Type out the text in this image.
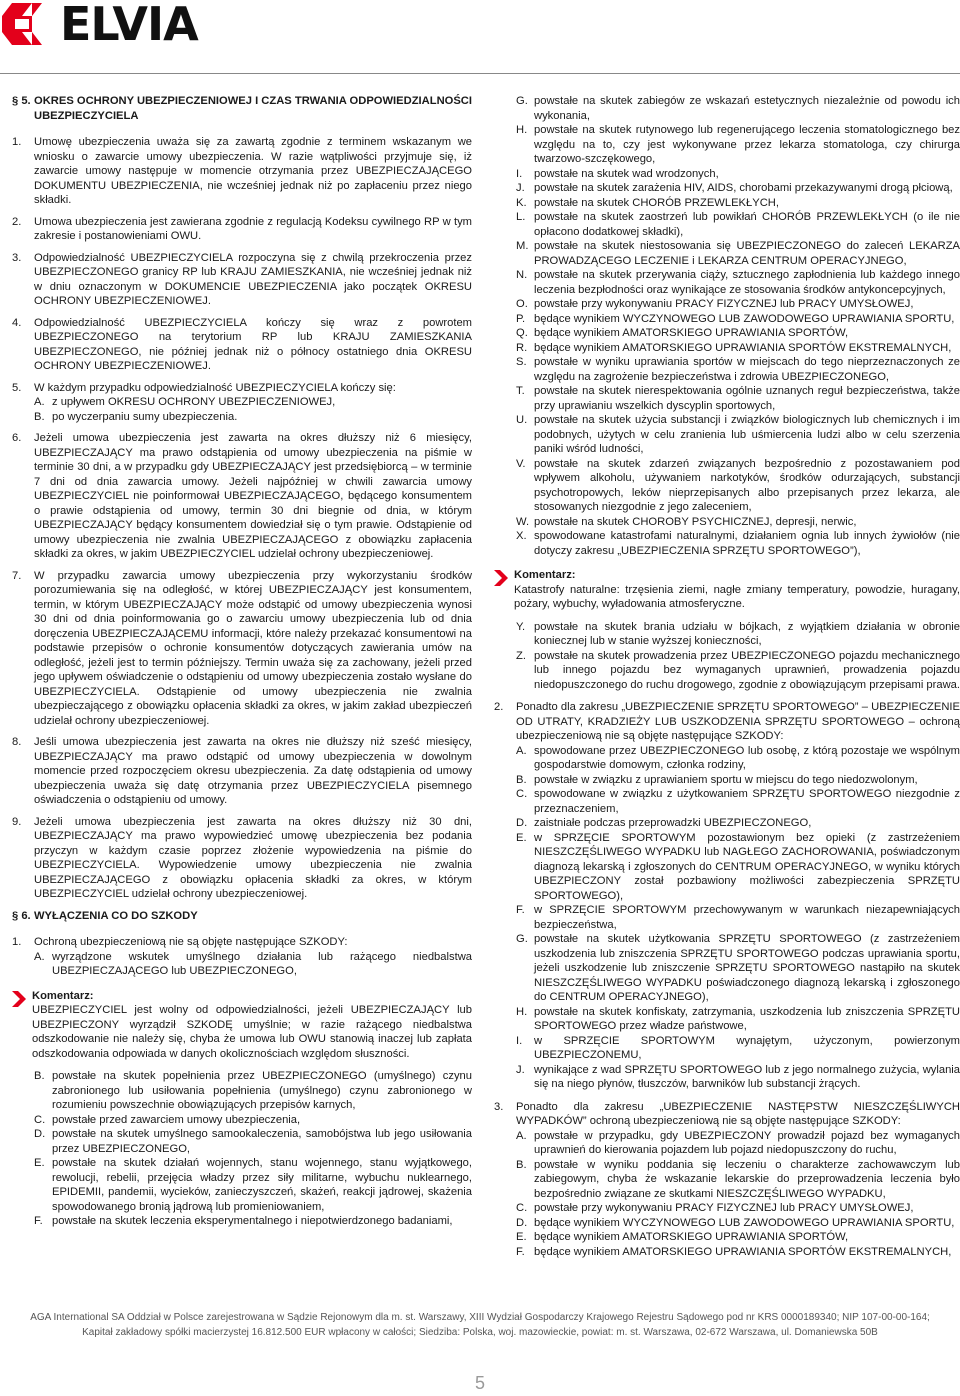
ELVIA
§ 5. OKRES OCHRONY UBEZPIECZENIOWEJ I CZAS TRWANIA ODPOWIEDZIALNOŚCI UBEZPIECZYCIELA
1.	Umowę ubezpieczenia uważa się za zawartą zgodnie z terminem wskazanym we wniosku o zawarcie umowy ubezpieczenia. W razie wątpliwości przyjmuje się, iż zawarcie umowy następuje w momencie otrzymania przez UBEZPIECZAJĄCEGO DOKUMENTU UBEZPIECZENIA, nie wcześniej jednak niż po zapłaceniu przez niego składki.
2.	Umowa ubezpieczenia jest zawierana zgodnie z regulacją Kodeksu cywilnego RP w tym zakresie i postanowieniami OWU.
3.	Odpowiedzialność UBEZPIECZYCIELA rozpoczyna się z chwilą przekroczenia przez UBEZPIECZONEGO granicy RP lub KRAJU ZAMIESZKANIA, nie wcześniej jednak niż w dniu oznaczonym w DOKUMENCIE UBEZPIECZENIA jako początek OKRESU OCHRONY UBEZPIECZENIOWEJ.
4.	Odpowiedzialność UBEZPIECZYCIELA kończy się wraz z powrotem UBEZPIECZONEGO na terytorium RP lub KRAJU ZAMIESZKANIA UBEZPIECZONEGO, nie później jednak niż o północy ostatniego dnia OKRESU OCHRONY UBEZPIECZENIOWEJ.
5.	W każdym przypadku odpowiedzialność UBEZPIECZYCIELA kończy się:
A. z upływem OKRESU OCHRONY UBEZPIECZENIOWEJ,
B. po wyczerpaniu sumy ubezpieczenia.
6.	Jeżeli umowa ubezpieczenia jest zawarta na okres dłuższy niż 6 miesięcy, UBEZPIECZAJĄCY ma prawo odstąpienia od umowy ubezpieczenia na piśmie w terminie 30 dni, a w przypadku gdy UBEZPIECZAJĄCY jest przedsiębiorcą – w terminie 7 dni od dnia zawarcia umowy. Jeżeli najpóźniej w chwili zawarcia umowy UBEZPIECZYCIEL nie poinformował UBEZPIECZAJĄCEGO, będącego konsumentem o prawie odstąpienia od umowy, termin 30 dni biegnie od dnia, w którym UBEZPIECZAJĄCY będący konsumentem dowiedział się o tym prawie. Odstąpienie od umowy ubezpieczenia nie zwalnia UBEZPIECZAJĄCEGO z obowiązku zapłacenia składki za okres, w jakim UBEZPIECZYCIEL udzielał ochrony ubezpieczeniowej.
7.	W przypadku zawarcia umowy ubezpieczenia przy wykorzystaniu środków porozumiewania się na odległość, w której UBEZPIECZAJĄCY jest konsumentem, termin, w którym UBEZPIECZAJĄCY może odstąpić od umowy ubezpieczenia wynosi 30 dni od dnia poinformowania go o zawarciu umowy ubezpieczenia lub od dnia doręczenia UBEZPIECZAJĄCEMU informacji, które należy przekazać konsumentowi na podstawie przepisów o ochronie konsumentów dotyczących zawierania umów na odległość, jeżeli jest to termin późniejszy. Termin uważa się za zachowany, jeżeli przed jego upływem oświadczenie o odstąpieniu od umowy ubezpieczenia zostało wysłane do UBEZPIECZYCIELA. Odstąpienie od umowy ubezpieczenia nie zwalnia ubezpieczającego z obowiązku opłacenia składki za okres, w jakim zakład ubezpieczeń udzielał ochrony ubezpieczeniowej.
8.	Jeśli umowa ubezpieczenia jest zawarta na okres nie dłuższy niż sześć miesięcy, UBEZPIECZAJĄCY ma prawo odstąpić od umowy ubezpieczenia w dowolnym momencie przed rozpoczęciem okresu ubezpieczenia. Za datę odstąpienia od umowy ubezpieczenia uważa się datę otrzymania przez UBEZPIECZYCIELA pisemnego oświadczenia o odstąpieniu od umowy.
9.	Jeżeli umowa ubezpieczenia jest zawarta na okres dłuższy niż 30 dni, UBEZPIECZAJĄCY ma prawo wypowiedzieć umowę ubezpieczenia bez podania przyczyn w każdym czasie poprzez złożenie wypowiedzenia na piśmie do UBEZPIECZYCIELA. Wypowiedzenie umowy ubezpieczenia nie zwalnia UBEZPIECZAJĄCEGO z obowiązku opłacenia składki za okres, w którym UBEZPIECZYCIEL udzielał ochrony ubezpieczeniowej.
§ 6. WYŁĄCZENIA CO DO SZKODY
1.	Ochroną ubezpieczeniową nie są objęte następujące SZKODY:
A. wyrządzone wskutek umyślnego działania lub rażącego niedbalstwa UBEZPIECZAJĄCEGO lub UBEZPIECZONEGO,
Komentarz:
UBEZPIECZYCIEL jest wolny od odpowiedzialności, jeżeli UBEZPIECZAJĄCY lub UBEZPIECZONY wyrządził SZKODĘ umyślnie; w razie rażącego niedbalstwa odszkodowanie nie należy się, chyba że umowa lub OWU stanowią inaczej lub zapłata odszkodowania odpowiada w danych okolicznościach względom słuszności.
B. powstałe na skutek popełnienia przez UBEZPIECZONEGO (umyślnego) czynu zabronionego lub usiłowania popełnienia (umyślnego) czynu zabronionego w rozumieniu powszechnie obowiązujących przepisów karnych,
C. powstałe przed zawarciem umowy ubezpieczenia,
D. powstałe na skutek umyślnego samookaleczenia, samobójstwa lub jego usiłowania przez UBEZPIECZONEGO,
E. powstałe na skutek działań wojennych, stanu wojennego, stanu wyjątkowego, rewolucji, rebelii, przejęcia władzy przez siły militarne, wybuchu nuklearnego, EPIDEMII, pandemii, wycieków, zanieczyszczeń, skażeń, reakcji jądrowej, skażenia spowodowanego bronią jądrową lub promieniowaniem,
F. powstałe na skutek leczenia eksperymentalnego i niepotwierdzonego badaniami,
G. powstałe na skutek zabiegów ze wskazań estetycznych niezależnie od powodu ich wykonania,
H. powstałe na skutek rutynowego lub regenerującego leczenia stomatologicznego bez względu na to, czy jest wykonywane przez lekarza stomatologa, czy chirurga twarzowo-szczękowego,
I.	powstałe na skutek wad wrodzonych,
J. powstałe na skutek zarażenia HIV, AIDS, chorobami przekazywanymi drogą płciową,
K. powstałe na skutek CHORÓB PRZEWLEKŁYCH,
L. powstałe na skutek zaostrzeń lub powikłań CHORÓB PRZEWLEKŁYCH (o ile nie opłacono dodatkowej składki),
M. powstałe na skutek niestosowania się UBEZPIECZONEGO do zaleceń LEKARZA PROWADZĄCEGO LECZENIE i LEKARZA CENTRUM OPERACYJNEGO,
N. powstałe na skutek przerywania ciąży, sztucznego zapłodnienia lub każdego innego leczenia bezpłodności oraz wynikające ze stosowania środków antykoncepcyjnych,
O. powstałe przy wykonywaniu PRACY FIZYCZNEJ lub PRACY UMYSŁOWEJ,
P. będące wynikiem WYCZYNOWEGO LUB ZAWODOWEGO UPRAWIANIA SPORTU,
Q. będące wynikiem AMATORSKIEGO UPRAWIANIA SPORTÓW,
R. będące wynikiem AMATORSKIEGO UPRAWIANIA SPORTÓW EKSTREMALNYCH,
S. powstałe w wyniku uprawiania sportów w miejscach do tego nieprzeznaczonych ze względu na zagrożenie bezpieczeństwa i zdrowia UBEZPIECZONEGO,
T. powstałe na skutek nierespektowania ogólnie uznanych reguł bezpieczeństwa, także przy uprawianiu wszelkich dyscyplin sportowych,
U. powstałe na skutek użycia substancji i związków biologicznych lub chemicznych i im podobnych, użytych w celu zranienia lub uśmiercenia ludzi albo w celu szerzenia paniki wśród ludności,
V. powstałe na skutek zdarzeń związanych bezpośrednio z pozostawaniem pod wpływem alkoholu, używaniem narkotyków, środków odurzających, substancji psychotropowych, leków nieprzepisanych albo przepisanych przez lekarza, ale stosowanych niezgodnie z jego zaleceniem,
W. powstałe na skutek CHOROBY PSYCHICZNEJ, depresji, nerwic,
X. spowodowane katastrofami naturalnymi, działaniem ognia lub innych żywiołów (nie dotyczy zakresu „UBEZPIECZENIA SPRZĘTU SPORTOWEGO”),
Komentarz:
Katastrofy naturalne: trzęsienia ziemi, nagłe zmiany temperatury, powodzie, huragany, pożary, wybuchy, wyładowania atmosferyczne.
Y. powstałe na skutek brania udziału w bójkach, z wyjątkiem działania w obronie koniecznej lub w stanie wyższej konieczności,
Z. powstałe na skutek prowadzenia przez UBEZPIECZONEGO pojazdu mechanicznego lub innego pojazdu bez wymaganych uprawnień, prowadzenia pojazdu niedopuszczonego do ruchu drogowego, zgodnie z obowiązującym przepisami prawa.
2.	Ponadto dla zakresu „UBEZPIECZENIE SPRZĘTU SPORTOWEGO” – UBEZPIECZENIE OD UTRATY, KRADZIEŻY LUB USZKODZENIA SPRZĘTU SPORTOWEGO – ochroną ubezpieczeniową nie są objęte następujące SZKODY:
A. spowodowane przez UBEZPIECZONEGO lub osobę, z którą pozostaje we wspólnym gospodarstwie domowym, członka rodziny,
B. powstałe w związku z uprawianiem sportu w miejscu do tego niedozwolonym,
C. spowodowane w związku z użytkowaniem SPRZĘTU SPORTOWEGO niezgodnie z przeznaczeniem,
D. zaistniałe podczas przeprowadzki UBEZPIECZONEGO,
E. w SPRZĘCIE SPORTOWYM pozostawionym bez opieki (z zastrzeżeniem NIESZCZĘŚLIWEGO WYPADKU lub NAGŁEGO ZACHOROWANIA, poświadczonym diagnozą lekarską i zgłoszonych do CENTRUM OPERACYJNEGO, w wyniku których UBEZPIECZONY został pozbawiony możliwości zabezpieczenia SPRZĘTU SPORTOWEGO),
F. w SPRZĘCIE SPORTOWYM przechowywanym w warunkach niezapewniających bezpieczeństwa,
G. powstałe na skutek użytkowania SPRZĘTU SPORTOWEGO (z zastrzeżeniem uszkodzenia lub zniszczenia SPRZĘTU SPORTOWEGO podczas uprawiania sportu, jeżeli uszkodzenie lub zniszczenie SPRZĘTU SPORTOWEGO nastąpiło na skutek NIESZCZĘŚLIWEGO WYPADKU poświadczonego diagnozą lekarską i zgłoszonego do CENTRUM OPERACYJNEGO),
H. powstałe na skutek konfiskaty, zatrzymania, uszkodzenia lub zniszczenia SPRZĘTU SPORTOWEGO przez władze państwowe,
I.	w SPRZĘCIE SPORTOWYM wynajętym, użyczonym, powierzonym UBEZPIECZONEMU,
J. wynikające z wad SPRZĘTU SPORTOWEGO lub z jego normalnego zużycia, wylania się na niego płynów, tłuszczów, barwników lub substancji żrących.
3.	Ponadto dla zakresu „UBEZPIECZENIE NASTĘPSTW NIESZCZĘŚLIWYCH WYPADKÓW” ochroną ubezpieczeniową nie są objęte następujące SZKODY:
A. powstałe w przypadku, gdy UBEZPIECZONY prowadził pojazd bez wymaganych uprawnień do kierowania pojazdem lub pojazd niedopuszczony do ruchu,
B. powstałe w wyniku poddania się leczeniu o charakterze zachowawczym lub zabiegowym, chyba że wskazanie lekarskie do przeprowadzenia leczenia było bezpośrednio związane ze skutkami NIESZCZĘŚLIWEGO WYPADKU,
C. powstałe przy wykonywaniu PRACY FIZYCZNEJ lub PRACY UMYSŁOWEJ,
D. będące wynikiem WYCZYNOWEGO LUB ZAWODOWEGO UPRAWIANIA SPORTU,
E. będące wynikiem AMATORSKIEGO UPRAWIANIA SPORTÓW,
F. będące wynikiem AMATORSKIEGO UPRAWIANIA SPORTÓW EKSTREMALNYCH,
AGA International SA Oddział w Polsce zarejestrowana w Sądzie Rejonowym dla m. st. Warszawy, XIII Wydział Gospodarczy Krajowego Rejestru Sądowego pod nr KRS 0000189340; NIP 107-00-00-164;
Kapitał zakładowy spółki macierzystej 16.812.500 EUR wpłacony w całości; Siedziba: Polska, woj. mazowieckie, powiat: m. st. Warszawa, 02-672 Warszawa, ul. Domaniewska 50B
5
